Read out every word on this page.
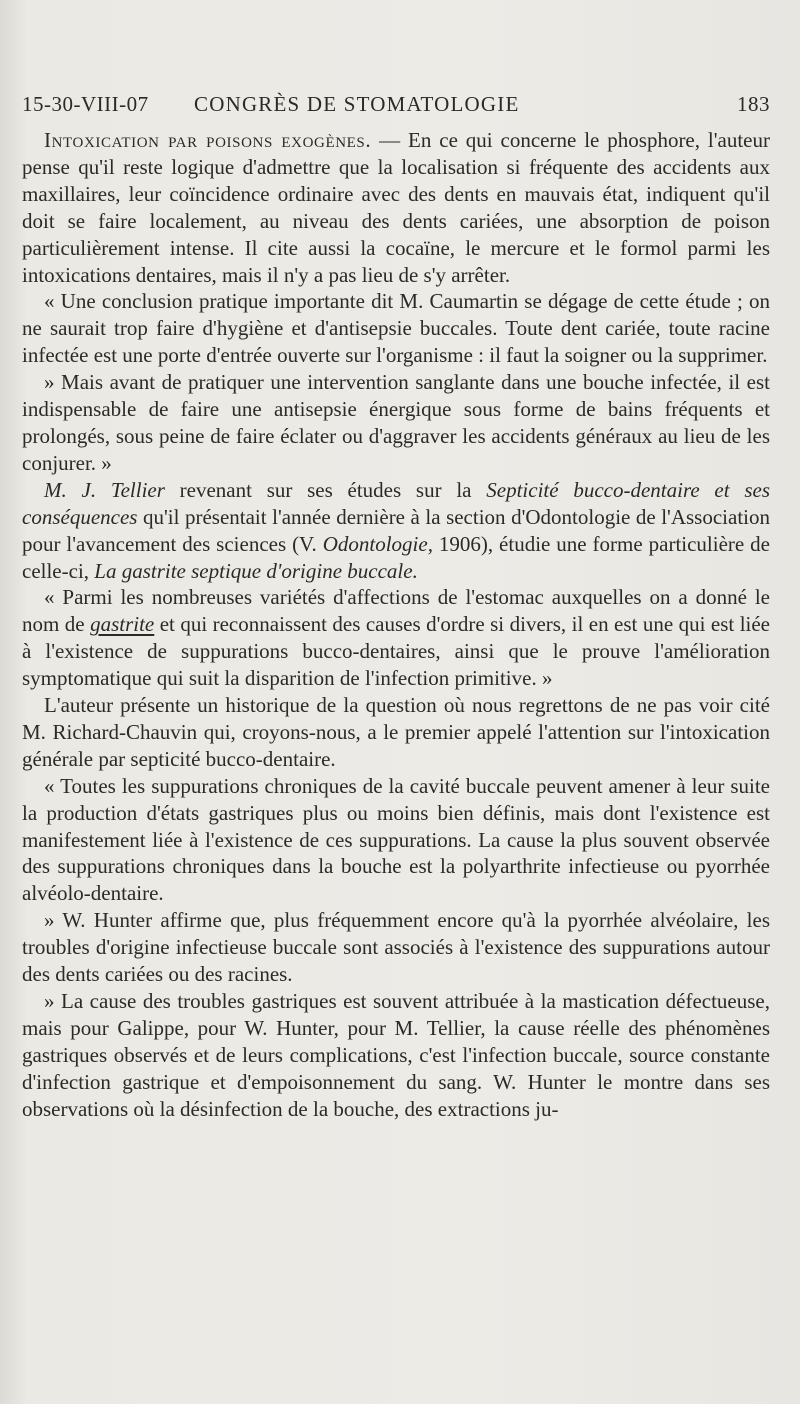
15-30-VIII-07 CONGRÈS DE STOMATOLOGIE	183

Intoxication par poisons exogènes. — En ce qui concerne le phosphore, l'auteur pense qu'il reste logique d'admettre que la localisation si fréquente des accidents aux maxillaires, leur coïncidence ordinaire avec des dents en mauvais état, indiquent qu'il doit se faire localement, au niveau des dents cariées, une absorption de poison particulièrement intense. Il cite aussi la cocaïne, le mercure et le formol parmi les intoxications dentaires, mais il n'y a pas lieu de s'y arrêter.

« Une conclusion pratique importante dit M. Caumartin se dégage de cette étude ; on ne saurait trop faire d'hygiène et d'antisepsie buccales. Toute dent cariée, toute racine infectée est une porte d'entrée ouverte sur l'organisme : il faut la soigner ou la supprimer.

» Mais avant de pratiquer une intervention sanglante dans une bouche infectée, il est indispensable de faire une antisepsie énergique sous forme de bains fréquents et prolongés, sous peine de faire éclater ou d'aggraver les accidents généraux au lieu de les conjurer. »

M. J. Tellier revenant sur ses études sur la Septicité bucco-dentaire et ses conséquences qu'il présentait l'année dernière à la section d'Odontologie de l'Association pour l'avancement des sciences (V. Odontologie, 1906), étudie une forme particulière de celle-ci, La gastrite septique d'origine buccale.

« Parmi les nombreuses variétés d'affections de l'estomac auxquelles on a donné le nom de gastrite et qui reconnaissent des causes d'ordre si divers, il en est une qui est liée à l'existence de suppurations bucco-dentaires, ainsi que le prouve l'amélioration symptomatique qui suit la disparition de l'infection primitive. »

L'auteur présente un historique de la question où nous regrettons de ne pas voir cité M. Richard-Chauvin qui, croyons-nous, a le premier appelé l'attention sur l'intoxication générale par septicité bucco-dentaire.

« Toutes les suppurations chroniques de la cavité buccale peuvent amener à leur suite la production d'états gastriques plus ou moins bien définis, mais dont l'existence est manifestement liée à l'existence de ces suppurations. La cause la plus souvent observée des suppurations chroniques dans la bouche est la polyarthrite infectieuse ou pyorrhée alvéolo-dentaire.

» W. Hunter affirme que, plus fréquemment encore qu'à la pyorrhée alvéolaire, les troubles d'origine infectieuse buccale sont associés à l'existence des suppurations autour des dents cariées ou des racines.

» La cause des troubles gastriques est souvent attribuée à la mastication défectueuse, mais pour Galippe, pour W. Hunter, pour M. Tellier, la cause réelle des phénomènes gastriques observés et de leurs complications, c'est l'infection buccale, source constante d'infection gastrique et d'empoisonnement du sang. W. Hunter le montre dans ses observations où la désinfection de la bouche, des extractions ju-
